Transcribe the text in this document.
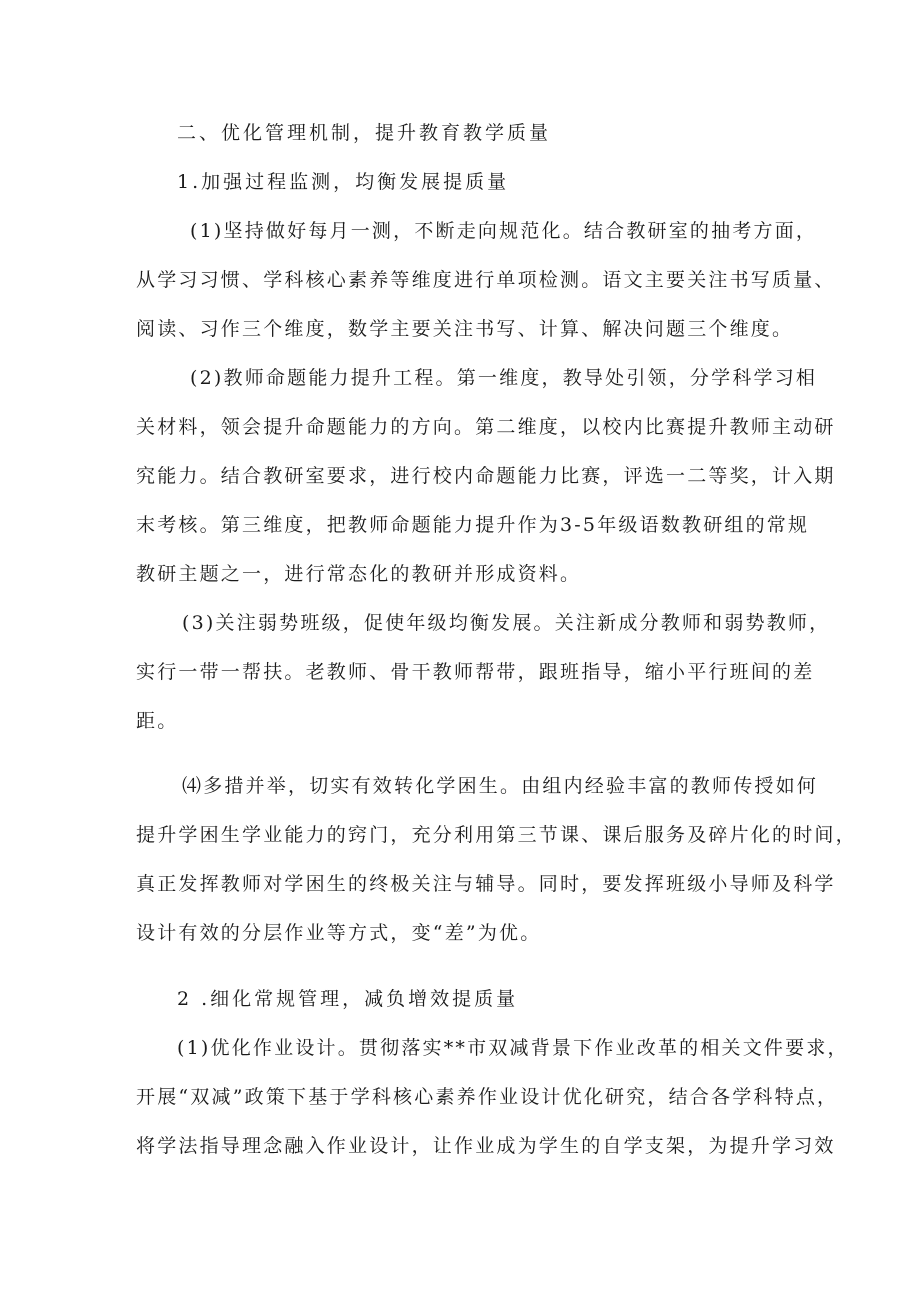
二、优化管理机制，提升教育教学质量
1.加强过程监测，均衡发展提质量
(1)坚持做好每月一测，不断走向规范化。结合教研室的抽考方面，
从学习习惯、学科核心素养等维度进行单项检测。语文主要关注书写质量、
阅读、习作三个维度，数学主要关注书写、计算、解决问题三个维度。
(2)教师命题能力提升工程。第一维度，教导处引领，分学科学习相
关材料，领会提升命题能力的方向。第二维度，以校内比赛提升教师主动研
究能力。结合教研室要求，进行校内命题能力比赛，评选一二等奖，计入期
末考核。第三维度，把教师命题能力提升作为3-5年级语数教研组的常规
教研主题之一，进行常态化的教研并形成资料。
(3)关注弱势班级，促使年级均衡发展。关注新成分教师和弱势教师，
实行一带一帮扶。老教师、骨干教师帮带，跟班指导，缩小平行班间的差
距。
⑷多措并举，切实有效转化学困生。由组内经验丰富的教师传授如何
提升学困生学业能力的窍门，充分利用第三节课、课后服务及碎片化的时间，
真正发挥教师对学困生的终极关注与辅导。同时，要发挥班级小导师及科学
设计有效的分层作业等方式，变“差”为优。
2 .细化常规管理，减负增效提质量
(1)优化作业设计。贯彻落实**市双减背景下作业改革的相关文件要求，
开展“双减”政策下基于学科核心素养作业设计优化研究，结合各学科特点，
将学法指导理念融入作业设计，让作业成为学生的自学支架，为提升学习效
